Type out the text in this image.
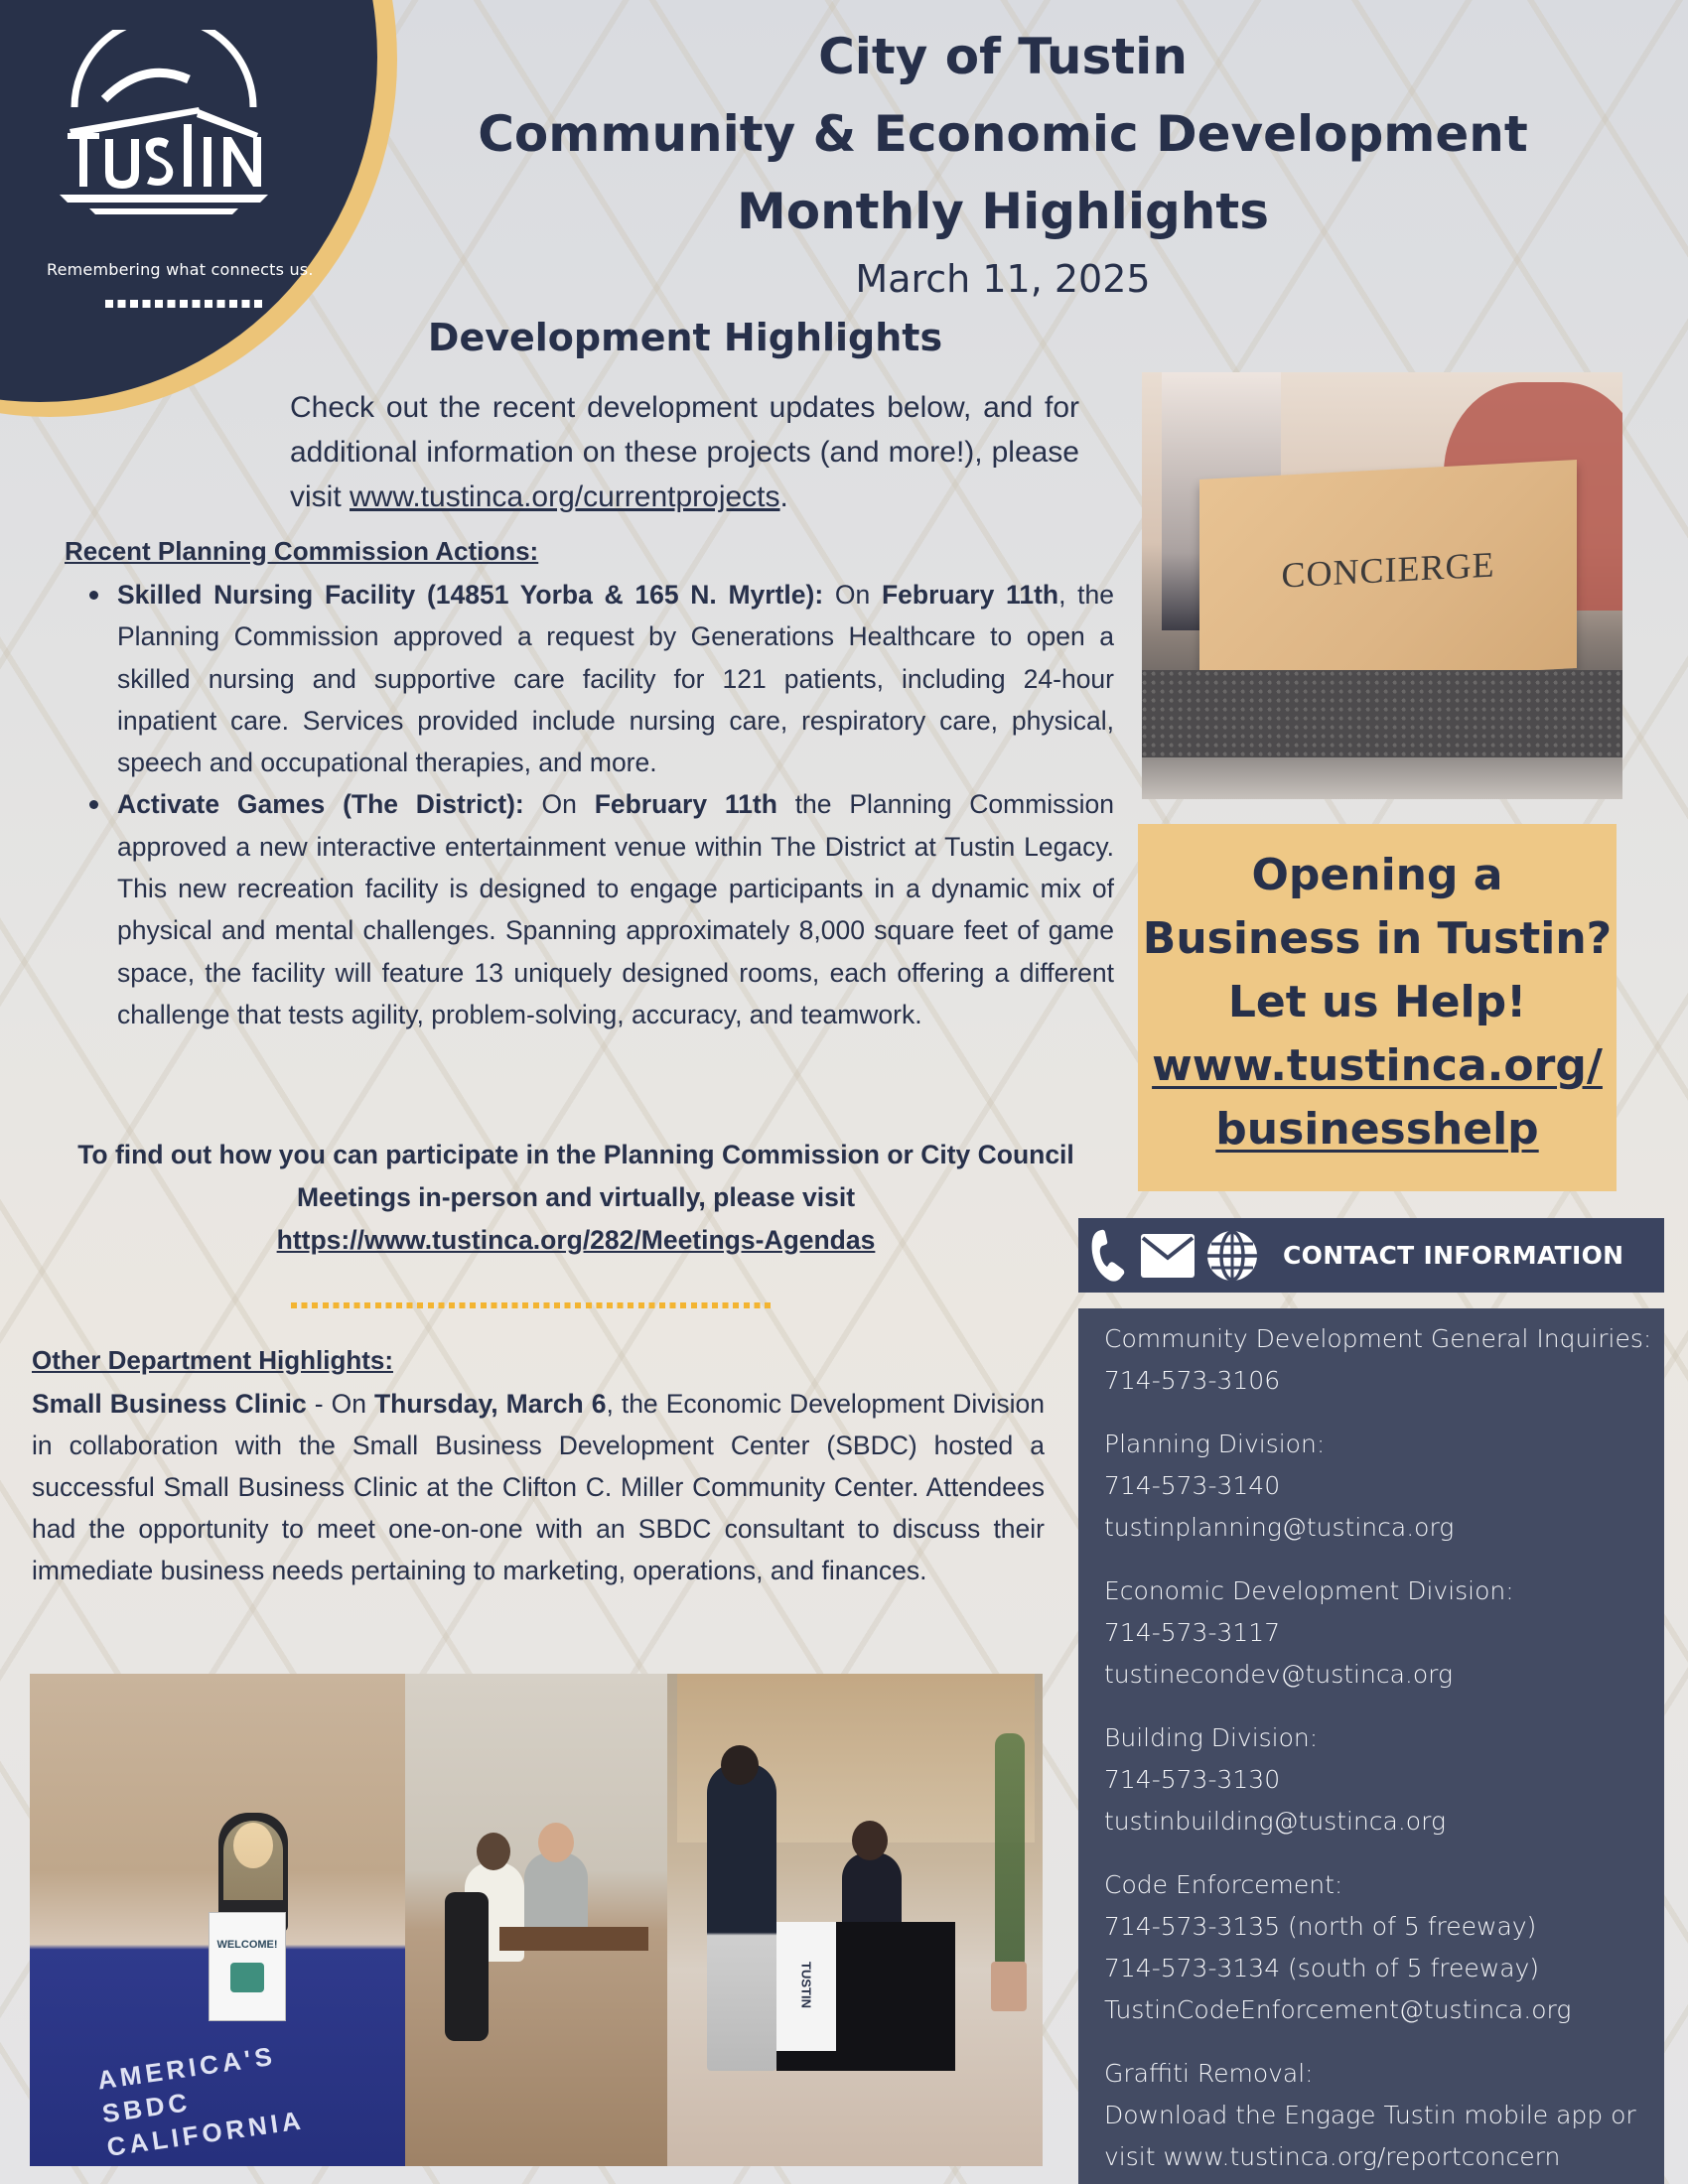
Remembering what connects us.
City of Tustin
Community & Economic Development
Monthly Highlights
March 11, 2025
Development Highlights

Check out the recent development updates below, and for additional information on these projects (and more!), please visit www.tustinca.org/currentprojects.

Recent Planning Commission Actions:
Skilled Nursing Facility (14851 Yorba & 165 N. Myrtle): On February 11th, the Planning Commission approved a request by Generations Healthcare to open a skilled nursing and supportive care facility for 121 patients, including 24-hour inpatient care. Services provided include nursing care, respiratory care, physical, speech and occupational therapies, and more.
Activate Games (The District): On February 11th the Planning Commission approved a new interactive entertainment venue within The District at Tustin Legacy. This new recreation facility is designed to engage participants in a dynamic mix of physical and mental challenges. Spanning approximately 8,000 square feet of game space, the facility will feature 13 uniquely designed rooms, each offering a different challenge that tests agility, problem-solving, accuracy, and teamwork.
To find out how you can participate in the Planning Commission or City Council Meetings in-person and virtually, please visit
https://www.tustinca.org/282/Meetings-Agendas
Other Department Highlights:

Small Business Clinic - On Thursday, March 6, the Economic Development Division in collaboration with the Small Business Development Center (SBDC) hosted a successful Small Business Clinic at the Clifton C. Miller Community Center. Attendees had the opportunity to meet one-on-one with an SBDC consultant to discuss their immediate business needs pertaining to marketing, operations, and finances.

WELCOME!
AMERICA'S SBDC CALIFORNIA
TUSTIN
CONCIERGE
Opening a
Business in Tustin?
Let us Help!
www.tustinca.org/
businesshelp
CONTACT INFORMATION
Community Development General Inquiries:
714-573-3106
Planning Division:
714-573-3140
tustinplanning@tustinca.org
Economic Development Division:
714-573-3117
tustinecondev@tustinca.org
Building Division:
714-573-3130
tustinbuilding@tustinca.org
Code Enforcement:
714-573-3135 (north of 5 freeway)
714-573-3134 (south of 5 freeway)
TustinCodeEnforcement@tustinca.org
Graffiti Removal:
Download the Engage Tustin mobile app or
visit www.tustinca.org/reportconcern
